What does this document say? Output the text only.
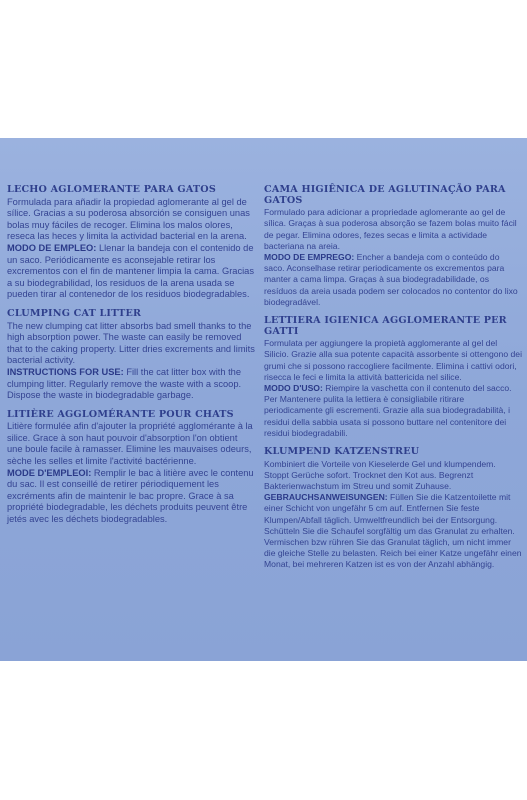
LECHO AGLOMERANTE PARA GATOS

Formulada para añadir la propiedad aglomerante al gel de sílice. Gracias a su poderosa absorción se consiguen unas bolas muy fáciles de recoger. Elimina los malos olores, reseca las heces y limita la actividad bacterial en la arena.
MODO DE EMPLEO: Llenar la bandeja con el contenido de un saco. Periódicamente es aconsejable retirar los excrementos con el fin de mantener limpia la cama. Gracias a su biodegrabilidad, los residuos de la arena usada se pueden tirar al contenedor de los residuos biodegradables.

CLUMPING CAT LITTER

The new clumping cat litter absorbs bad smell thanks to the high absorption power. The waste can easily be removed that to the caking property. Litter dries excrements and limits bacterial activity.
INSTRUCTIONS FOR USE: Fill the cat litter box with the clumping litter. Regularly remove the waste with a scoop. Dispose the waste in biodegradable garbage.

LITIÈRE AGGLOMÉRANTE POUR CHATS

Litière formulée afin d'ajouter la propriété agglomérante à la silice. Grace à son haut pouvoir d'absorption l'on obtient une boule facile à ramasser. Elimine les mauvaises odeurs, sèche les selles et limite l'activité bactérienne.
MODE D'EMPLEOI: Remplir le bac à litière avec le contenu du sac. Il est conseillé de retirer périodiquement les excréments afin de maintenir le bac propre. Grace à sa propriété biodegradable, les déchets produits peuvent être jetés avec les déchets biodegradables.

CAMA HIGIÊNICA DE AGLUTINAÇÃO PARA GATOS

Formulado para adicionar a propriedade aglomerante ao gel de sílica. Graças à sua poderosa absorção se fazem bolas muito fácil de pegar. Elimina odores, fezes secas e limita a actividade bacteriana na areia.
MODO DE EMPREGO: Encher a bandeja com o conteúdo do saco. Aconselhase retirar periodicamente os excrementos para manter a cama limpa. Graças à sua biodegradabilidade, os resíduos da areia usada podem ser colocados no contentor do lixo biodegradável.

LETTIERA IGIENICA AGGLOMERANTE PER GATTI

Formulata per aggiungere la propietà agglomerante al gel del Silicio. Grazie alla sua potente capacità assorbente si ottengono dei grumi che si possono raccogliere facilmente. Elimina i cattivi odori, risecca le feci e limita la attività battericida nel silice.
MODO D'USO: Riempire la vaschetta con il contenuto del sacco. Per Mantenere pulita la lettiera è consigliabile ritirare periodicamente gli escrementi. Grazie alla sua biodegradabilità, i residui della sabbia usata si possono buttare nel contenitore dei residui biodegradabili.

KLUMPEND KATZENSTREU

Kombiniert die Vorteile von Kieselerde Gel und klumpendem. Stoppt Gerüche sofort. Trocknet den Kot aus. Begrenzt Bakterienwachstum im Streu und somit Zuhause.
GEBRAUCHSANWEISUNGEN: Füllen Sie die Katzentoilette mit einer Schicht von ungefähr 5 cm auf. Entfernen Sie feste Klumpen/Abfall täglich. Umweltfreundlich bei der Entsorgung. Schütteln Sie die Schaufel sorgfältig um das Granulat zu erhalten. Vermischen bzw rühren Sie das Granulat täglich, um nicht immer die gleiche Stelle zu belasten. Reich bei einer Katze ungefähr einen Monat, bei mehreren Katzen ist es von der Anzahl abhängig.
